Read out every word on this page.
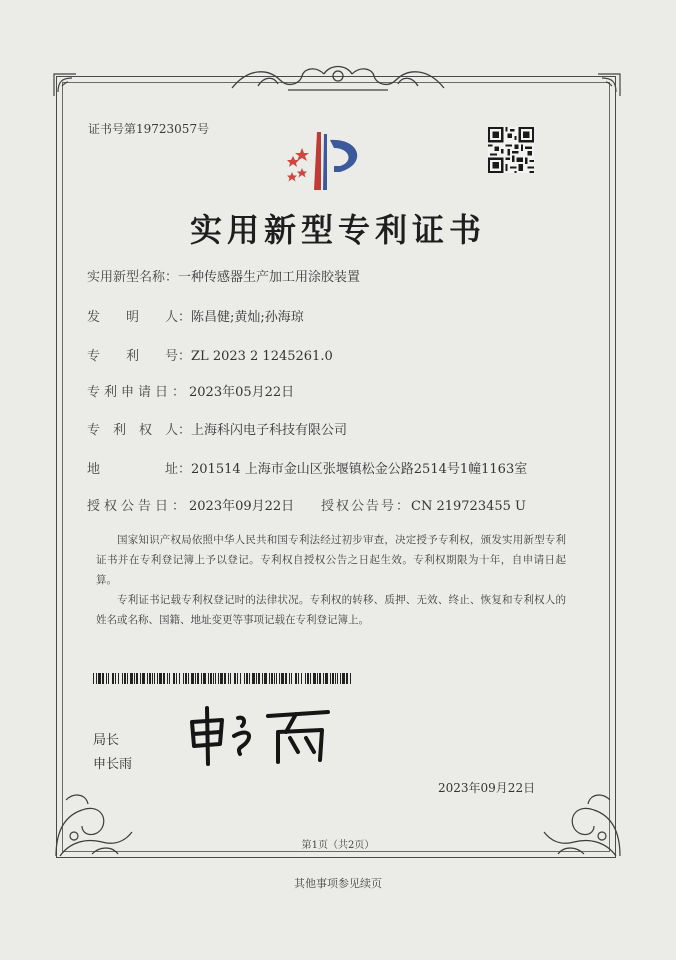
证书号第19723057号
实用新型专利证书
实用新型名称：一种传感器生产加工用涂胶装置
发　　明　　人：陈昌健;黄灿;孙海琼
专　　利　　号：ZL 2023 2 1245261.0
专利申请日：2023年05月22日
专　利　权　人：上海科闪电子科技有限公司
地　　　　　址：201514 上海市金山区张堰镇松金公路2514号1幢1163室
授权公告日：2023年09月22日 授权公告号：CN 219723455 U
国家知识产权局依照中华人民共和国专利法经过初步审查，决定授予专利权，颁发实用新型专利证书并在专利登记簿上予以登记。专利权自授权公告之日起生效。专利权期限为十年，自申请日起算。
专利证书记载专利权登记时的法律状况。专利权的转移、质押、无效、终止、恢复和专利权人的姓名或名称、国籍、地址变更等事项记载在专利登记簿上。
局长
申长雨
2023年09月22日
第1页（共2页）
其他事项参见续页
